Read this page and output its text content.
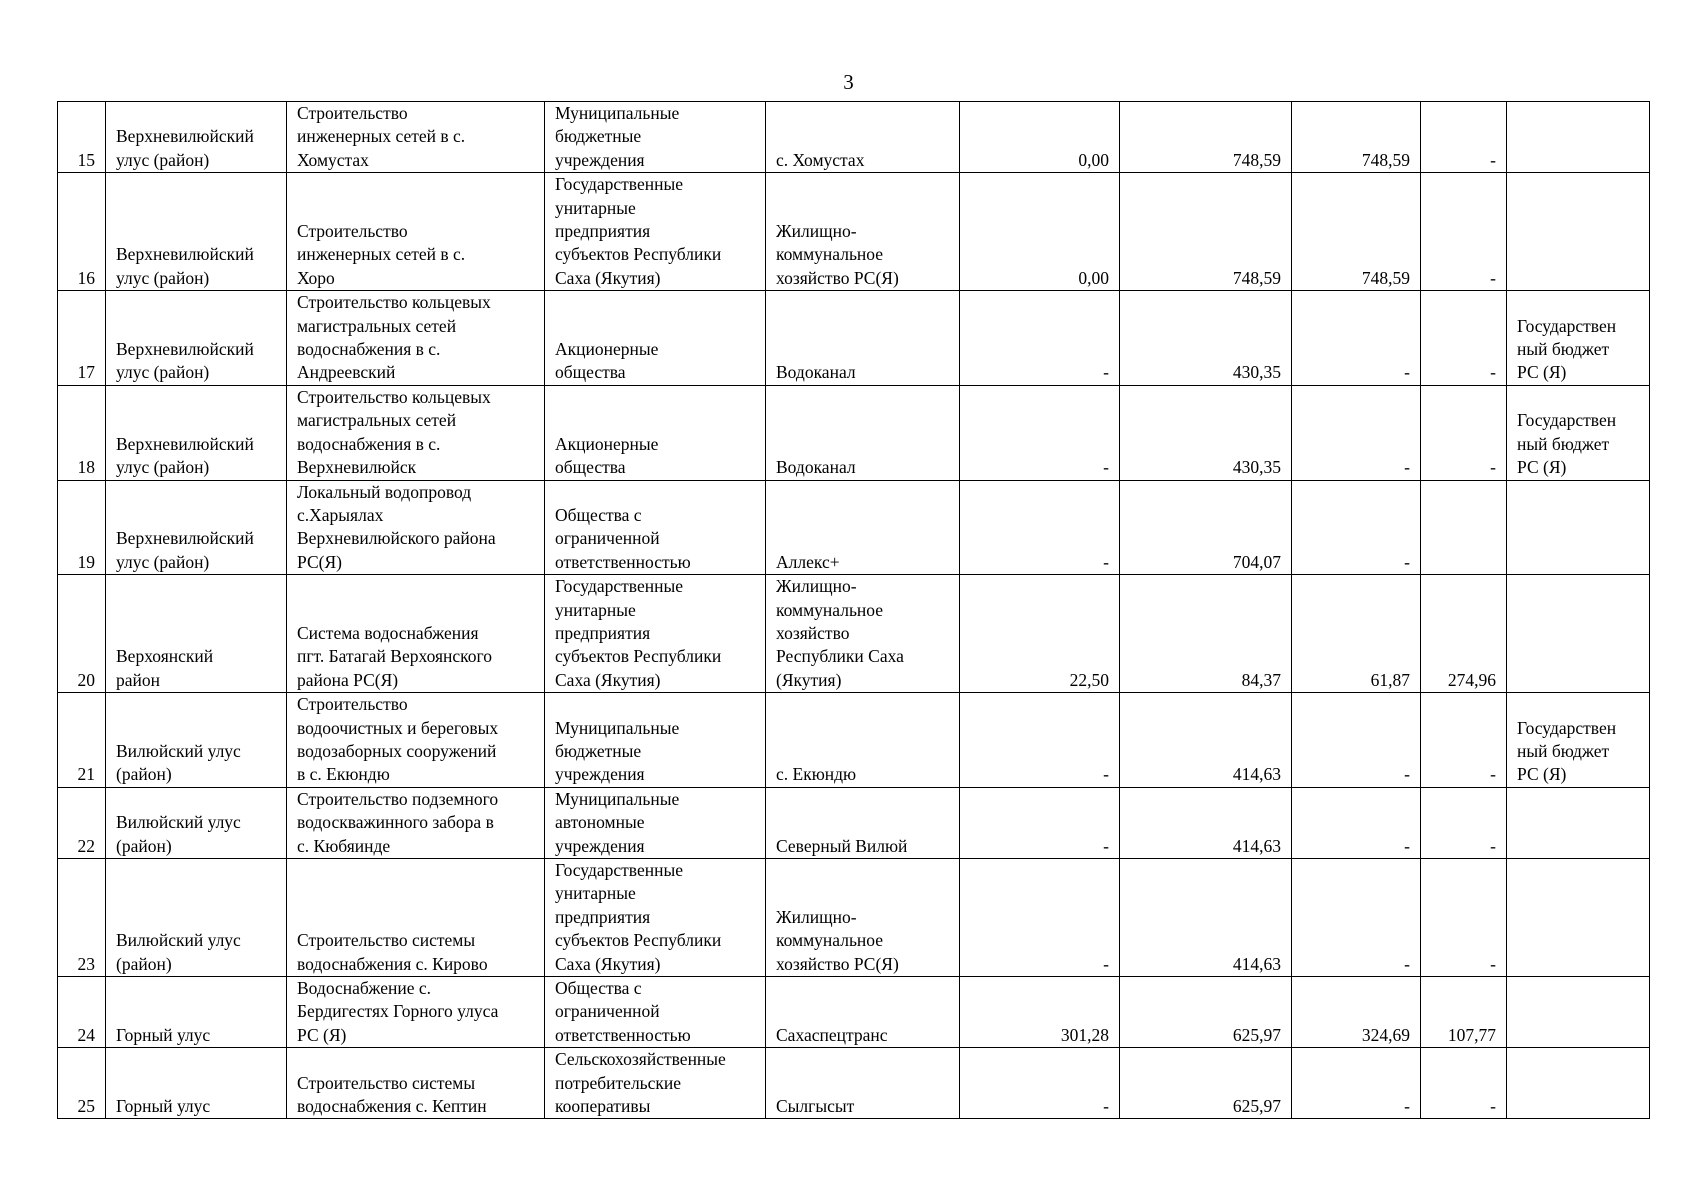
3
15	Верхневилюйский
улус (район)	Строительство
инженерных сетей в с.
Хомустах	Муниципальные
бюджетные
учреждения	с. Хомустах	0,00	748,59	748,59	-	

16	Верхневилюйский
улус (район)	Строительство
инженерных сетей в с.
Хоро	Государственные
унитарные
предприятия
субъектов Республики
Саха (Якутия)	Жилищно-
коммунальное
хозяйство РС(Я)	0,00	748,59	748,59	-	

17	Верхневилюйский
улус (район)	Строительство кольцевых
магистральных сетей
водоснабжения в с.
Андреевский	Акционерные
общества	Водоканал	-	430,35	-	-	Государствен
ный бюджет
РС (Я)

18	Верхневилюйский
улус (район)	Строительство кольцевых
магистральных сетей
водоснабжения в с.
Верхневилюйск	Акционерные
общества	Водоканал	-	430,35	-	-	Государствен
ный бюджет
РС (Я)

19	Верхневилюйский
улус (район)	Локальный водопровод
с.Харыялах
Верхневилюйского района
РС(Я)	Общества с
ограниченной
ответственностью	Аллекс+	-	704,07	-		

20	Верхоянский
район	Система водоснабжения
пгт. Батагай Верхоянского
района РС(Я)	Государственные
унитарные
предприятия
субъектов Республики
Саха (Якутия)	Жилищно-
коммунальное
хозяйство
Республики Саха
(Якутия)	22,50	84,37	61,87	274,96	

21	Вилюйский улус
(район)	Строительство
водоочистных и береговых
водозаборных сооружений
в с. Екюндю	Муниципальные
бюджетные
учреждения	с. Екюндю	-	414,63	-	-	Государствен
ный бюджет
РС (Я)

22	Вилюйский улус
(район)	Строительство подземного
водоскважинного забора в
с. Кюбяинде	Муниципальные
автономные
учреждения	Северный Вилюй	-	414,63	-	-	

23	Вилюйский улус
(район)	Строительство системы
водоснабжения с. Кирово	Государственные
унитарные
предприятия
субъектов Республики
Саха (Якутия)	Жилищно-
коммунальное
хозяйство РС(Я)	-	414,63	-	-	

24	Горный улус	Водоснабжение с.
Бердигестях Горного улуса
РС (Я)	Общества с
ограниченной
ответственностью	Сахаспецтранс	301,28	625,97	324,69	107,77	

25	Горный улус	Строительство системы
водоснабжения с. Кептин	Сельскохозяйственные
потребительские
кооперативы	Сылгысыт	-	625,97	-	-	
